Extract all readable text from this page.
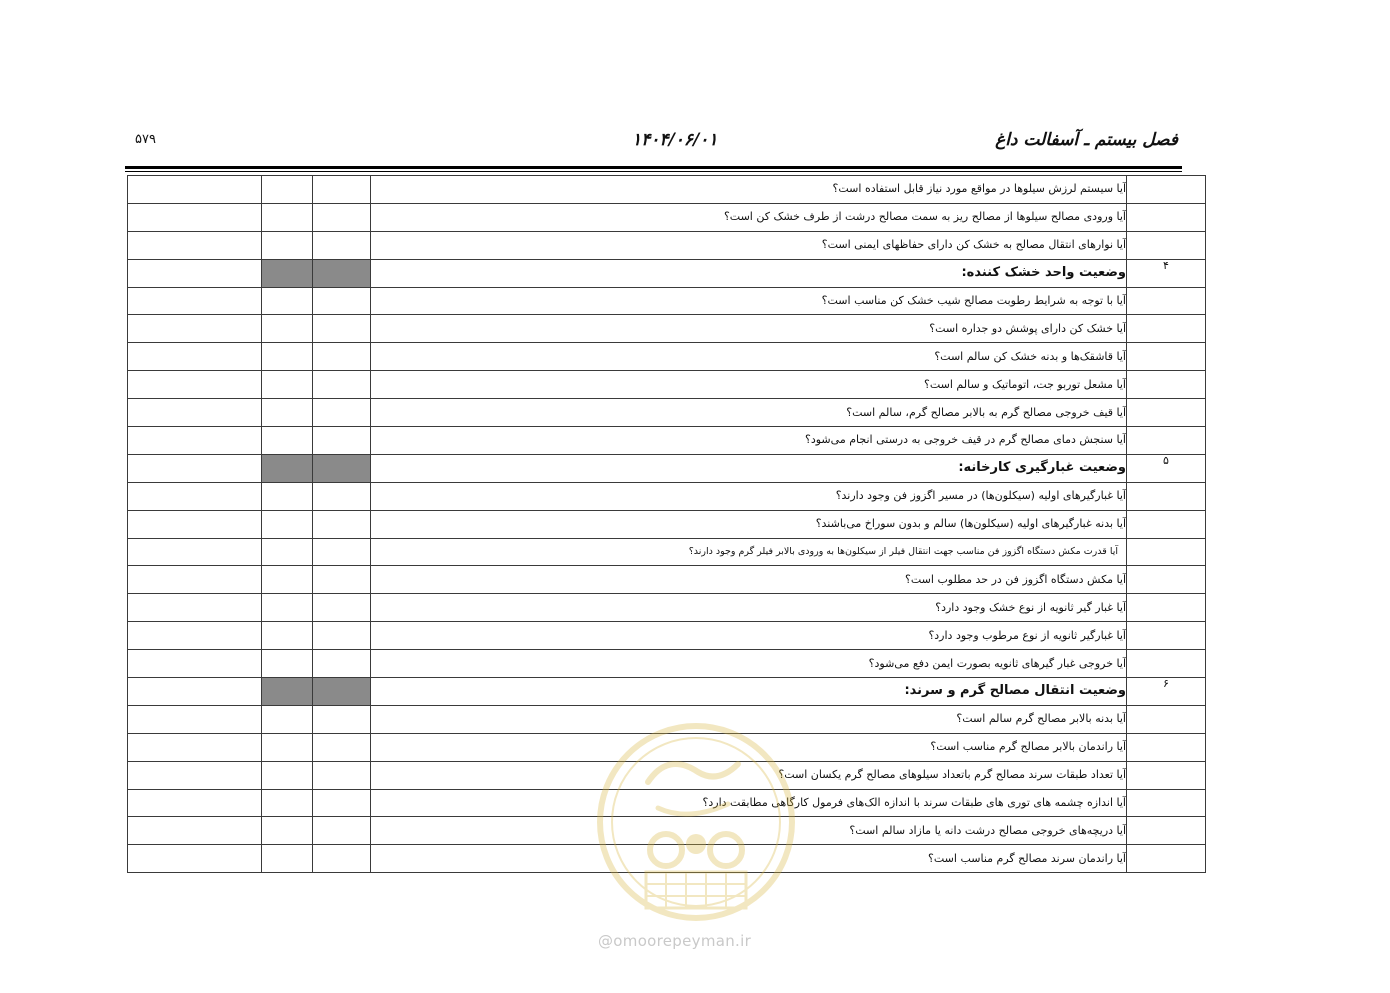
فصل بیستم ـ آسفالت داغ
۱۴۰۴/۰۶/۰۱
۵۷۹
	آیا سیستم لرزش سیلوها در مواقع مورد نیاز قابل استفاده است؟			
	آیا ورودی مصالح سیلوها از مصالح ریز به سمت مصالح درشت از طرف خشک کن است؟			
	آیا نوارهای انتقال مصالح به خشک کن دارای حفاظهای ایمنی است؟			
۴	وضعیت واحد خشک کننده:			
	آیا با توجه به شرایط رطوبت مصالح شیب خشک کن مناسب است؟			
	آیا خشک کن دارای پوشش دو جداره است؟			
	آیا قاشقک‌ها و بدنه خشک کن سالم است؟			
	آیا مشعل توربو جت، اتوماتیک و سالم است؟			
	آیا قیف خروجی مصالح گرم به بالابر مصالح گرم، سالم است؟			
	آیا سنجش دمای مصالح گرم در قیف خروجی به درستی انجام می‌شود؟			
۵	وضعیت غبارگیری کارخانه:			
	آیا غبارگیرهای اولیه (سیکلون‌ها) در مسیر اگزوز فن وجود دارند؟			
	آیا بدنه غبارگیرهای اولیه (سیکلون‌ها) سالم و بدون سوراخ می‌باشند؟			
	آیا قدرت مکش دستگاه اگزوز فن مناسب جهت انتقال فیلر از سیکلون‌ها به ورودی بالابر فیلر گرم وجود دارند؟			
	آیا مکش دستگاه اگزوز فن در حد مطلوب است؟			
	آیا غبار گیر ثانویه از نوع خشک وجود دارد؟			
	آیا غبارگیر ثانویه از نوع مرطوب وجود دارد؟			
	آیا خروجی غبار گیرهای ثانویه بصورت ایمن دفع می‌شود؟			
۶	وضعیت انتقال مصالح گرم و سرند:			
	آیا بدنه بالابر مصالح گرم سالم است؟			
	آیا راندمان بالابر مصالح گرم مناسب است؟			
	آیا تعداد طبقات سرند مصالح گرم باتعداد سیلوهای مصالح گرم یکسان است؟			
	آیا اندازه چشمه های توری های طبقات سرند با اندازه الک‌های فرمول کارگاهی مطابقت دارد؟			
	آیا دریچه‌های خروجی مصالح درشت دانه یا مازاد سالم است؟			
	آیا راندمان سرند مصالح گرم مناسب است؟			
@omoorepeyman.ir
